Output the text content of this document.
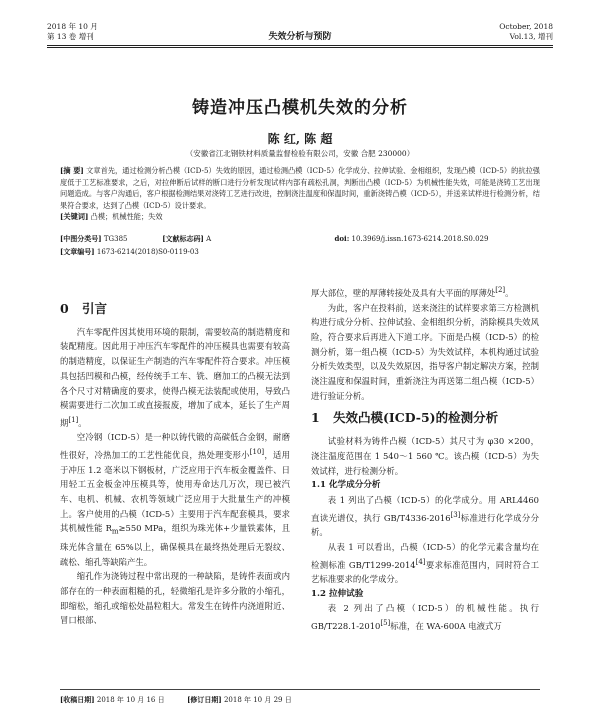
2018 年 10 月
第 13 卷 增刊	失效分析与预防
October, 2018
Vol.13, 增刊
铸造冲压凸模机失效的分析
陈 红, 陈 超
（安徽省江北钢铁材料质量监督检验有限公司，安徽 合肥 230000）
[摘 要] 文章首先，通过检测分析凸模（ICD-5）失效的原因，通过检测凸模（ICD-5）化学成分、拉伸试验、金相组织，发现凸模（ICD-5）的抗拉强度低于工艺标准要求，之后，对拉伸断后试样的断口进行分析发现试样内部有疏松孔洞，判断出凸模（ICD-5）为机械性能失效，可能是浇铸工艺出现问题造成。与客户沟通后，客户根据检测结果对浇铸工艺进行改进，控制浇注温度和保温时间，重新浇铸凸模（ICD-5），并送来试样进行检测分析，结果符合要求，达到了凸模（ICD-5）设计要求。
[关键词] 凸模；机械性能；失效
[中图分类号] TG385	[文献标志码] A	doi: 10.3969/j.issn.1673-6214.2018.S0.029
[文章编号] 1673-6214(2018)S0-0119-03
0 引言

汽车零配件因其使用环境的限制，需要较高的制造精度和装配精度。因此用于冲压汽车零配件的冲压模具也需要有较高的制造精度，以保证生产制造的汽车零配件符合要求。冲压模具包括凹模和凸模，经传统手工车、铣、磨加工的凸模无法到各个尺寸对精确度的要求，使得凸模无法装配或使用，导致凸模需要进行二次加工或直接报废，增加了成本，延长了生产周期[1]。

空冷钢（ICD-5）是一种以铸代锻的高碳低合金钢，耐磨性很好，冷热加工的工艺性能优良，热处理变形小[10]，适用于冲压 1.2 毫米以下钢板材，广泛应用于汽车板金覆盖件、日用轻工五金板金冲压模具等，使用寿命达几万次，现已被汽车、电机、机械、农机等领域广泛应用于大批量生产的冲模上。客户使用的凸模（ICD-5）主要用于汽车配套模具，要求其机械性能 $R_m\ge 550$ MPa，组织为珠光体+少量铁素体，且珠光体含量在 65%以上，确保模具在最终热处理后无裂纹、疏松、缩孔等缺陷产生。

缩孔作为浇铸过程中常出现的一种缺陷，是铸件表面或内部存在的一种表面粗糙的孔，轻微缩孔是许多分散的小缩孔，即缩松，缩孔或缩松处晶粒粗大。常发生在铸件内浇道附近、冒口根部、

厚大部位，壁的厚薄转接处及具有大平面的厚薄处[2]。

为此，客户在投料前，送来浇注的试样要求第三方检测机构进行成分分析、拉伸试验、金相组织分析，消除模具失效风险，符合要求后再进入下道工序。下面是凸模（ICD-5）的检测分析，第一组凸模（ICD-5）为失效试样，本机构通过试验分析失效类型，以及失效原因，指导客户制定解决方案，控制浇注温度和保温时间，重新浇注为再送第二组凸模（ICD-5）进行验证分析。

1 失效凸模(ICD-5)的检测分析

试验材料为铸件凸模（ICD-5）其尺寸为 φ30 ×200，浇注温度范围在 1 540～1 560 ℃。该凸模（ICD-5）为失效试样，进行检测分析。

1.1 化学成分分析

表 1 列出了凸模（ICD-5）的化学成分。用 ARL4460 直读光谱仪，执行 GB/T4336-2016[3]标准进行化学成分分析。

从表 1 可以看出，凸模（ICD-5）的化学元素含量均在检测标准 GB/T1299-2014[4]要求标准范围内，同时符合工艺标准要求的化学成分。

1.2 拉伸试验

表 2 列出了凸模（ICD-5）的机械性能。执行 GB/T228.1-2010[5]标准，在 WA-600A 电液式万

[收稿日期] 2018 年 10 月 16 日	[修订日期] 2018 年 10 月 29 日
